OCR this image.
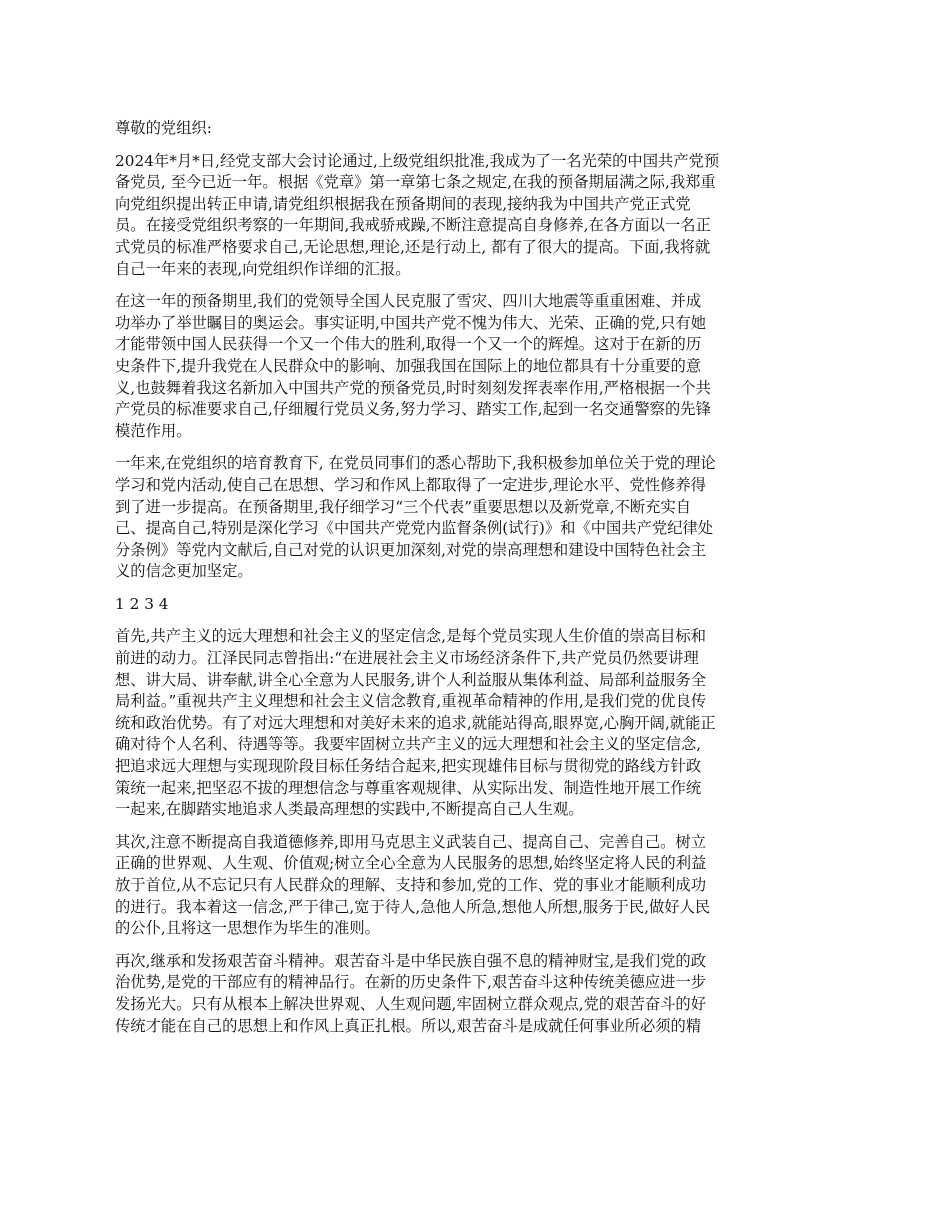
尊敬的党组织:
2024年*月*日,经党支部大会讨论通过,上级党组织批准,我成为了一名光荣的中国共产党预
备党员, 至今已近一年。根据《党章》第一章第七条之规定,在我的预备期届满之际,我郑重
向党组织提出转正申请,请党组织根据我在预备期间的表现,接纳我为中国共产党正式党
员。在接受党组织考察的一年期间,我戒骄戒躁,不断注意提高自身修养,在各方面以一名正
式党员的标准严格要求自己,无论思想,理论,还是行动上, 都有了很大的提高。下面,我将就
自己一年来的表现,向党组织作详细的汇报。
在这一年的预备期里,我们的党领导全国人民克服了雪灾、四川大地震等重重困难、并成
功举办了举世瞩目的奥运会。事实证明,中国共产党不愧为伟大、光荣、正确的党,只有她
才能带领中国人民获得一个又一个伟大的胜利,取得一个又一个的辉煌。这对于在新的历
史条件下,提升我党在人民群众中的影响、加强我国在国际上的地位都具有十分重要的意
义,也鼓舞着我这名新加入中国共产党的预备党员,时时刻刻发挥表率作用,严格根据一个共
产党员的标准要求自己,仔细履行党员义务,努力学习、踏实工作,起到一名交通警察的先锋
模范作用。
一年来,在党组织的培育教育下, 在党员同事们的悉心帮助下,我积极参加单位关于党的理论
学习和党内活动,使自己在思想、学习和作风上都取得了一定进步,理论水平、党性修养得
到了进一步提高。在预备期里,我仔细学习“三个代表”重要思想以及新党章,不断充实自
己、提高自己,特别是深化学习《中国共产党党内监督条例(试行)》和《中国共产党纪律处
分条例》等党内文献后,自己对党的认识更加深刻,对党的崇高理想和建设中国特色社会主
义的信念更加坚定。
1 2 3 4
首先,共产主义的远大理想和社会主义的坚定信念,是每个党员实现人生价值的崇高目标和
前进的动力。江泽民同志曾指出:“在进展社会主义市场经济条件下,共产党员仍然要讲理
想、讲大局、讲奉献,讲全心全意为人民服务,讲个人利益服从集体利益、局部利益服务全
局利益。”重视共产主义理想和社会主义信念教育,重视革命精神的作用,是我们党的优良传
统和政治优势。有了对远大理想和对美好未来的追求,就能站得高,眼界宽,心胸开阔,就能正
确对待个人名利、待遇等等。我要牢固树立共产主义的远大理想和社会主义的坚定信念,
把追求远大理想与实现现阶段目标任务结合起来,把实现雄伟目标与贯彻党的路线方针政
策统一起来,把坚忍不拔的理想信念与尊重客观规律、从实际出发、制造性地开展工作统
一起来,在脚踏实地追求人类最高理想的实践中,不断提高自己人生观。
其次,注意不断提高自我道德修养,即用马克思主义武装自己、提高自己、完善自己。树立
正确的世界观、人生观、价值观;树立全心全意为人民服务的思想,始终坚定将人民的利益
放于首位,从不忘记只有人民群众的理解、支持和参加,党的工作、党的事业才能顺利成功
的进行。我本着这一信念,严于律己,宽于待人,急他人所急,想他人所想,服务于民,做好人民
的公仆,且将这一思想作为毕生的准则。
再次,继承和发扬艰苦奋斗精神。艰苦奋斗是中华民族自强不息的精神财宝,是我们党的政
治优势,是党的干部应有的精神品行。在新的历史条件下,艰苦奋斗这种传统美德应进一步
发扬光大。只有从根本上解决世界观、人生观问题,牢固树立群众观点,党的艰苦奋斗的好
传统才能在自己的思想上和作风上真正扎根。所以,艰苦奋斗是成就任何事业所必须的精
